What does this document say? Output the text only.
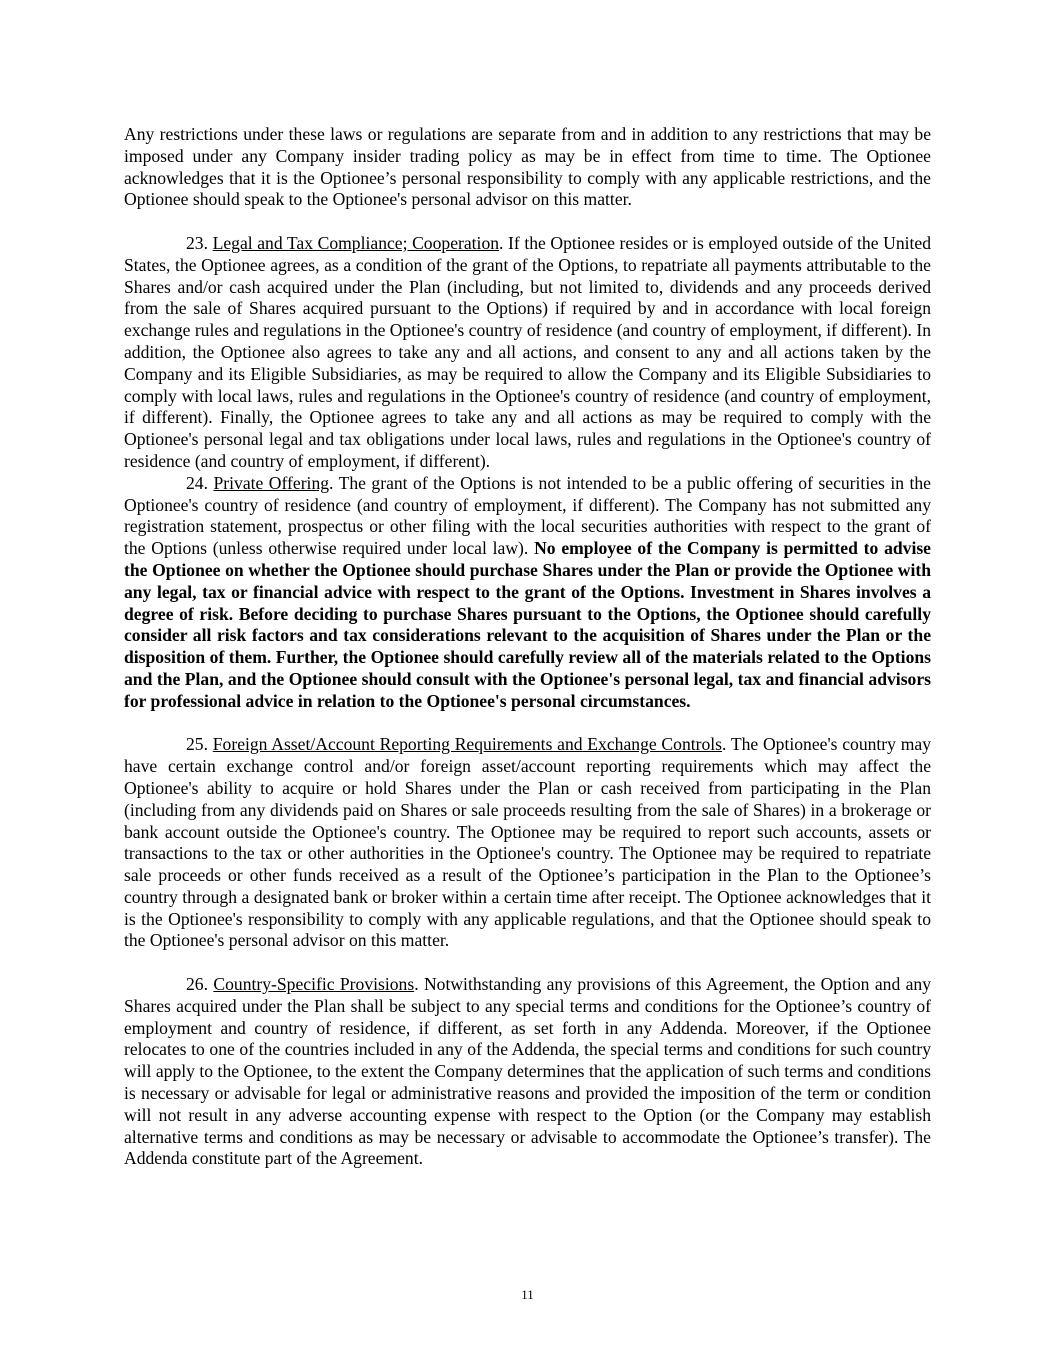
Any restrictions under these laws or regulations are separate from and in addition to any restrictions that may be imposed under any Company insider trading policy as may be in effect from time to time. The Optionee acknowledges that it is the Optionee’s personal responsibility to comply with any applicable restrictions, and the Optionee should speak to the Optionee's personal advisor on this matter.

23. Legal and Tax Compliance; Cooperation. If the Optionee resides or is employed outside of the United States, the Optionee agrees, as a condition of the grant of the Options, to repatriate all payments attributable to the Shares and/or cash acquired under the Plan (including, but not limited to, dividends and any proceeds derived from the sale of Shares acquired pursuant to the Options) if required by and in accordance with local foreign exchange rules and regulations in the Optionee's country of residence (and country of employment, if different). In addition, the Optionee also agrees to take any and all actions, and consent to any and all actions taken by the Company and its Eligible Subsidiaries, as may be required to allow the Company and its Eligible Subsidiaries to comply with local laws, rules and regulations in the Optionee's country of residence (and country of employment, if different). Finally, the Optionee agrees to take any and all actions as may be required to comply with the Optionee's personal legal and tax obligations under local laws, rules and regulations in the Optionee's country of residence (and country of employment, if different).

24. Private Offering. The grant of the Options is not intended to be a public offering of securities in the Optionee's country of residence (and country of employment, if different). The Company has not submitted any registration statement, prospectus or other filing with the local securities authorities with respect to the grant of the Options (unless otherwise required under local law). No employee of the Company is permitted to advise the Optionee on whether the Optionee should purchase Shares under the Plan or provide the Optionee with any legal, tax or financial advice with respect to the grant of the Options. Investment in Shares involves a degree of risk. Before deciding to purchase Shares pursuant to the Options, the Optionee should carefully consider all risk factors and tax considerations relevant to the acquisition of Shares under the Plan or the disposition of them. Further, the Optionee should carefully review all of the materials related to the Options and the Plan, and the Optionee should consult with the Optionee's personal legal, tax and financial advisors for professional advice in relation to the Optionee's personal circumstances.

25. Foreign Asset/Account Reporting Requirements and Exchange Controls. The Optionee's country may have certain exchange control and/or foreign asset/account reporting requirements which may affect the Optionee's ability to acquire or hold Shares under the Plan or cash received from participating in the Plan (including from any dividends paid on Shares or sale proceeds resulting from the sale of Shares) in a brokerage or bank account outside the Optionee's country. The Optionee may be required to report such accounts, assets or transactions to the tax or other authorities in the Optionee's country. The Optionee may be required to repatriate sale proceeds or other funds received as a result of the Optionee’s participation in the Plan to the Optionee’s country through a designated bank or broker within a certain time after receipt. The Optionee acknowledges that it is the Optionee's responsibility to comply with any applicable regulations, and that the Optionee should speak to the Optionee's personal advisor on this matter.

26. Country-Specific Provisions. Notwithstanding any provisions of this Agreement, the Option and any Shares acquired under the Plan shall be subject to any special terms and conditions for the Optionee’s country of employment and country of residence, if different, as set forth in any Addenda. Moreover, if the Optionee relocates to one of the countries included in any of the Addenda, the special terms and conditions for such country will apply to the Optionee, to the extent the Company determines that the application of such terms and conditions is necessary or advisable for legal or administrative reasons and provided the imposition of the term or condition will not result in any adverse accounting expense with respect to the Option (or the Company may establish alternative terms and conditions as may be necessary or advisable to accommodate the Optionee’s transfer). The Addenda constitute part of the Agreement.

11
